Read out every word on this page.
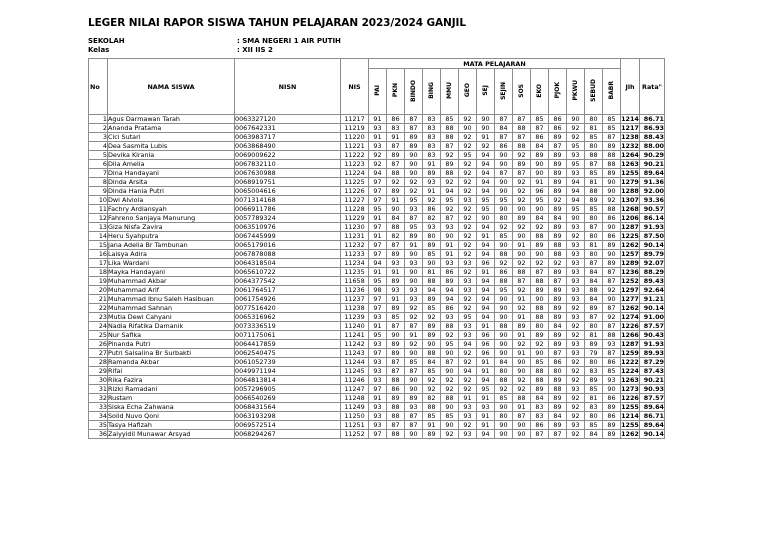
LEGER NILAI RAPOR SISWA TAHUN PELAJARAN 2023/2024 GANJIL
SEKOLAH	: SMA NEGERI 1 AIR PUTIH
Kelas	: XII IIS 2
No	NAMA SISWA	NISN	NIS	MATA PELAJARAN														Jlh	Rata"
				PAI	PKN	BINDO	BING	MMU	GEO	SEJ	SEJIN	SOS	EKO	PJOK	PKWU	SEBUD	BABR		
1	Agus Darmawan Tarah	0063327120	11217	91	86	87	83	85	92	90	87	87	85	86	90	80	85	1214	86.71
2	Ananda Pratama	0067642331	11219	93	83	87	83	88	90	90	84	88	87	86	92	81	85	1217	86.93
3	Cici Sutari	0063983717	11220	91	91	89	83	88	92	91	87	87	86	89	92	85	87	1238	88.43
4	Dea Sasmita Lubis	0063868490	11221	93	87	89	83	87	92	92	86	88	84	87	95	80	89	1232	88.00
5	Devika Kirania	0069009622	11222	92	89	90	83	92	95	94	90	92	89	89	93	88	88	1264	90.29
6	Dila Amelia	0067832110	11223	92	87	90	91	89	92	94	90	89	90	89	95	87	88	1263	90.21
7	Dina Handayani	0067630988	11224	94	88	90	89	88	92	94	87	87	90	89	93	85	89	1255	89.64
8	Dinda Arsita	0068919751	11225	97	92	92	93	92	92	94	90	92	91	89	94	81	90	1279	91.36
9	Dinda Hania Putri	0065004616	11226	97	89	92	91	94	92	94	90	92	96	89	94	88	90	1288	92.00
10	Dwi Alviola	0071314168	11227	97	91	95	92	95	93	95	95	92	95	92	94	89	92	1307	93.36
11	Fachry Ardiansyah	0066911786	11228	95	90	93	86	92	92	95	90	90	90	89	95	85	88	1268	90.57
12	Fahreno Sanjaya Manurung	0057789324	11229	91	84	87	82	87	92	90	80	89	84	84	90	80	86	1206	86.14
13	Giza Nisfa Zavira	0063510976	11230	97	88	95	93	93	92	94	92	92	92	89	93	87	90	1287	91.93
14	Heru Syahputra	0067445999	11231	91	82	89	80	90	92	91	85	90	88	89	92	80	86	1225	87.50
15	Jana Adelia Br Tambunan	0065179016	11232	97	87	91	89	91	92	94	90	91	89	88	93	81	89	1262	90.14
16	Laisya Adira	0067878088	11233	97	89	90	85	91	92	94	88	90	90	88	93	80	90	1257	89.79
17	Lika Wardani	0064318504	11234	94	93	93	90	93	93	96	92	92	92	92	93	87	89	1289	92.07
18	Mayka Handayani	0065610722	11235	91	91	90	81	86	92	91	86	88	87	89	93	84	87	1236	88.29
19	Muhammad Akbar	0064377542	11658	95	89	90	88	89	93	94	88	87	88	87	93	84	87	1252	89.43
20	Muhammad Arif	0061764517	11236	98	93	93	94	94	93	94	95	92	89	89	93	88	92	1297	92.64
21	Muhammad Ibnu Saleh Hasibuan	0061754926	11237	97	91	93	89	94	92	94	90	91	90	89	93	84	90	1277	91.21
22	Muhammad Sahnan	0077516420	11238	97	89	92	85	86	92	94	90	92	88	89	92	89	87	1262	90.14
23	Mutia Dewi Cahyani	0065316962	11239	93	85	92	92	93	95	94	90	91	88	89	93	87	92	1274	91.00
24	Nadia Rifatika Damanik	0073336519	11240	91	87	87	89	88	93	91	88	89	80	84	92	80	87	1226	87.57
25	Nur Safika	0071175061	11241	95	90	91	89	92	93	96	90	91	89	89	92	81	88	1266	90.43
26	Pinanda Putri	0064417859	11242	93	89	92	90	95	94	96	90	92	92	89	93	89	93	1287	91.93
27	Putri Salsalina Br Surbakti	0062540475	11243	97	89	90	88	90	92	96	90	91	90	87	93	79	87	1259	89.93
28	Ramanda Akbar	0061052739	11244	93	87	85	84	87	92	91	84	90	85	86	92	80	86	1222	87.29
29	Rifai	0049971194	11245	93	87	87	85	90	94	91	80	90	88	80	92	83	85	1224	87.43
30	Rika Fazira	0064813814	11246	93	88	90	92	92	92	94	88	92	88	89	92	89	93	1263	90.21
31	Rizki Ramadani	0057296905	11247	97	86	90	92	92	92	95	92	92	89	88	93	85	90	1273	90.93
32	Rustam	0066540269	11248	91	89	89	82	88	91	91	85	88	84	89	92	81	86	1226	87.57
33	Siska Echa Zahwana	0068431564	11249	93	88	93	88	90	93	93	90	91	83	89	92	83	89	1255	89.64
34	Solid Nuvo Qoni	0063193298	11250	93	88	87	85	85	93	91	80	87	83	84	92	80	86	1214	86.71
35	Tasya Hafizah	0069572514	11251	93	87	87	91	90	92	91	90	90	86	89	93	85	89	1255	89.64
36	Zaiyyidil Munawar Arsyad	0068294267	11252	97	88	90	89	92	93	94	90	90	87	87	92	84	89	1262	90.14
